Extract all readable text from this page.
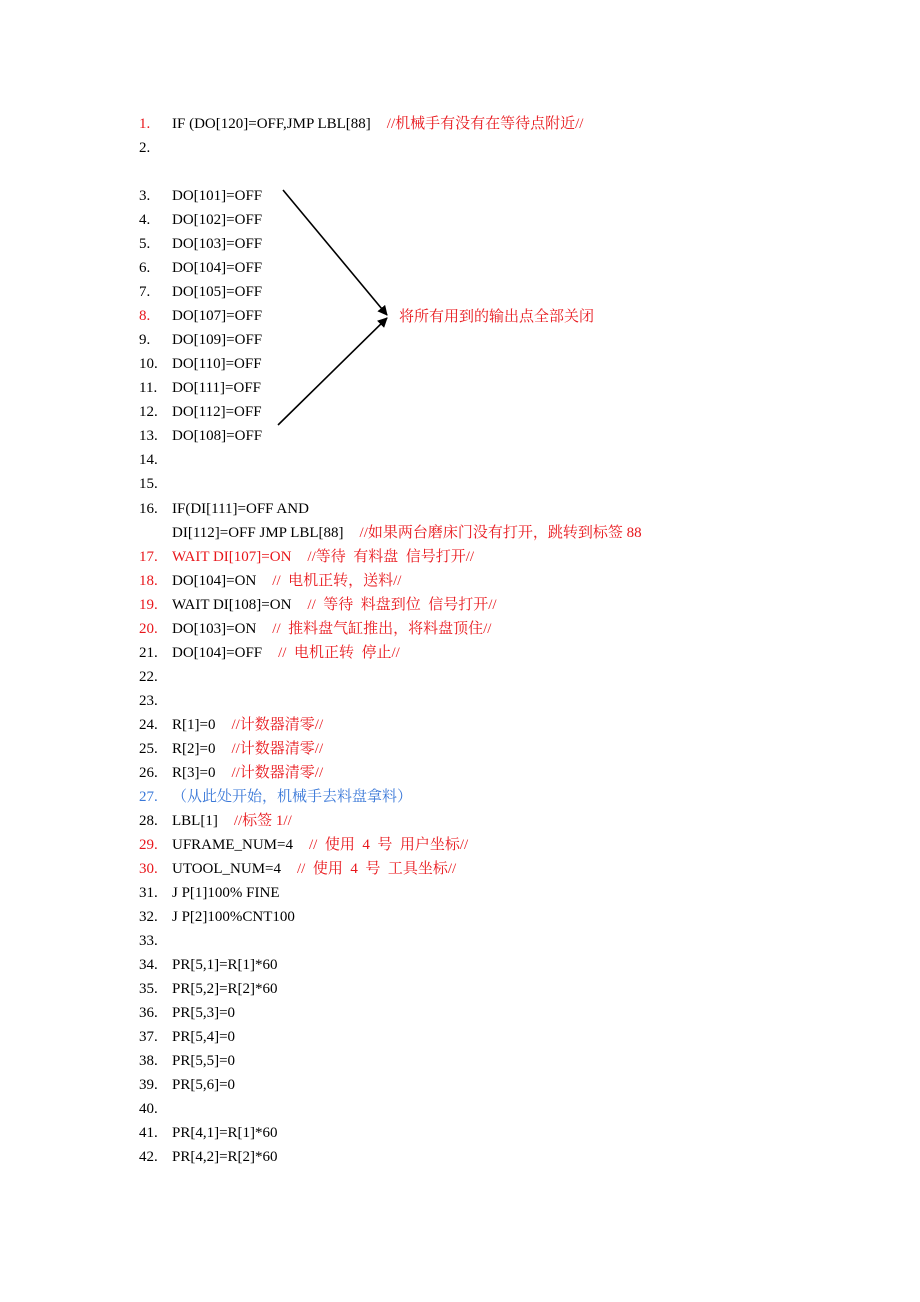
1.	IF (DO[120]=OFF,JMP LBL[88] //机械手有没有在等待点附近//
2.
3.	DO[101]=OFF
4.	DO[102]=OFF
5.	DO[103]=OFF
6.	DO[104]=OFF
7.	DO[105]=OFF
8.	DO[107]=OFF
9.	DO[109]=OFF
10. DO[110]=OFF
11. DO[111]=OFF
12. DO[112]=OFF
13. DO[108]=OFF
14.
15.
16. IF(DI[111]=OFF AND
DI[112]=OFF JMP LBL[88] //如果两台磨床门没有打开，跳转到标签 88
17. WAIT DI[107]=ON //等待  有料盘  信号打开//
18. DO[104]=ON //  电机正转，送料//
19. WAIT DI[108]=ON //  等待  料盘到位  信号打开//
20. DO[103]=ON //  推料盘气缸推出，将料盘顶住//
21. DO[104]=OFF //  电机正转  停止//
22.
23.
24. R[1]=0 //计数器清零//
25. R[2]=0 //计数器清零//
26. R[3]=0 //计数器清零//
27. （从此处开始，机械手去料盘拿料）
28. LBL[1] //标签 1//
29. UFRAME_NUM=4 //  使用  4  号  用户坐标//
30. UTOOL_NUM=4 //  使用  4  号  工具坐标//
31. J P[1]100% FINE
32. J P[2]100%CNT100
33.
34. PR[5,1]=R[1]*60
35. PR[5,2]=R[2]*60
36. PR[5,3]=0
37. PR[5,4]=0
38. PR[5,5]=0
39. PR[5,6]=0
40.
41. PR[4,1]=R[1]*60
42. PR[4,2]=R[2]*60
将所有用到的输出点全部关闭
